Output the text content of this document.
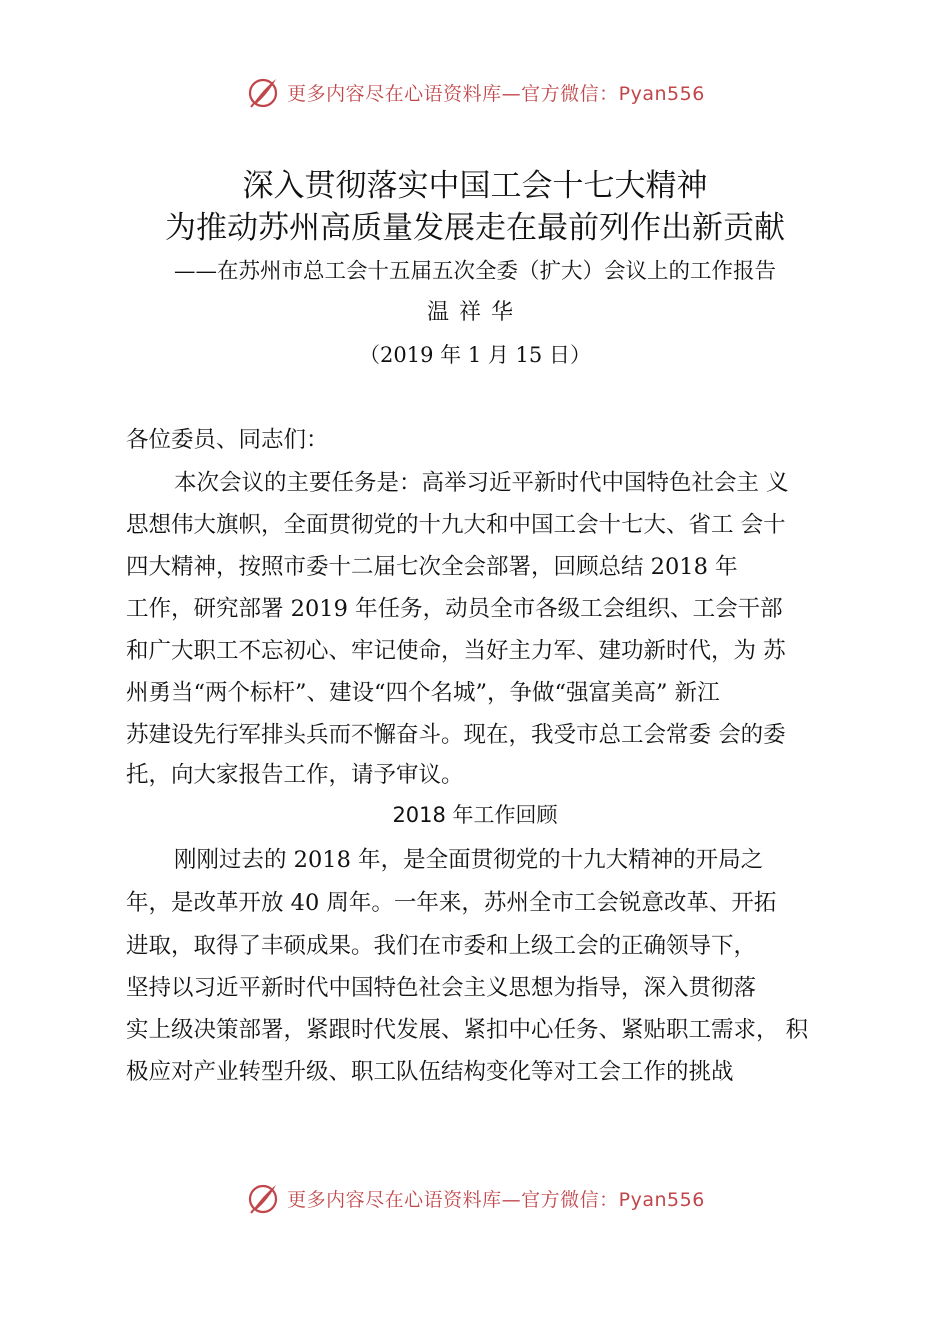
更多内容尽在心语资料库—官方微信：Pyan556
深入贯彻落实中国工会十七大精神
为推动苏州高质量发展走在最前列作出新贡献
——在苏州市总工会十五届五次全委（扩大）会议上的工作报告
温祥华
（2019 年 1 月 15 日）
各位委员、同志们：
本次会议的主要任务是：高举习近平新时代中国特色社会主 义
思想伟大旗帜，全面贯彻党的十九大和中国工会十七大、省工 会十
四大精神，按照市委十二届七次全会部署，回顾总结 2018 年
工作，研究部署 2019 年任务，动员全市各级工会组织、工会干部
和广大职工不忘初心、牢记使命，当好主力军、建功新时代，为 苏
州勇当“两个标杆”、建设“四个名城”，争做“强富美高” 新江
苏建设先行军排头兵而不懈奋斗。现在，我受市总工会常委 会的委
托，向大家报告工作，请予审议。
2018 年工作回顾
刚刚过去的 2018 年，是全面贯彻党的十九大精神的开局之
年，是改革开放 40 周年。一年来，苏州全市工会锐意改革、开拓
进取，取得了丰硕成果。我们在市委和上级工会的正确领导下，
坚持以习近平新时代中国特色社会主义思想为指导，深入贯彻落
实上级决策部署，紧跟时代发展、紧扣中心任务、紧贴职工需求， 积
极应对产业转型升级、职工队伍结构变化等对工会工作的挑战
更多内容尽在心语资料库—官方微信：Pyan556
